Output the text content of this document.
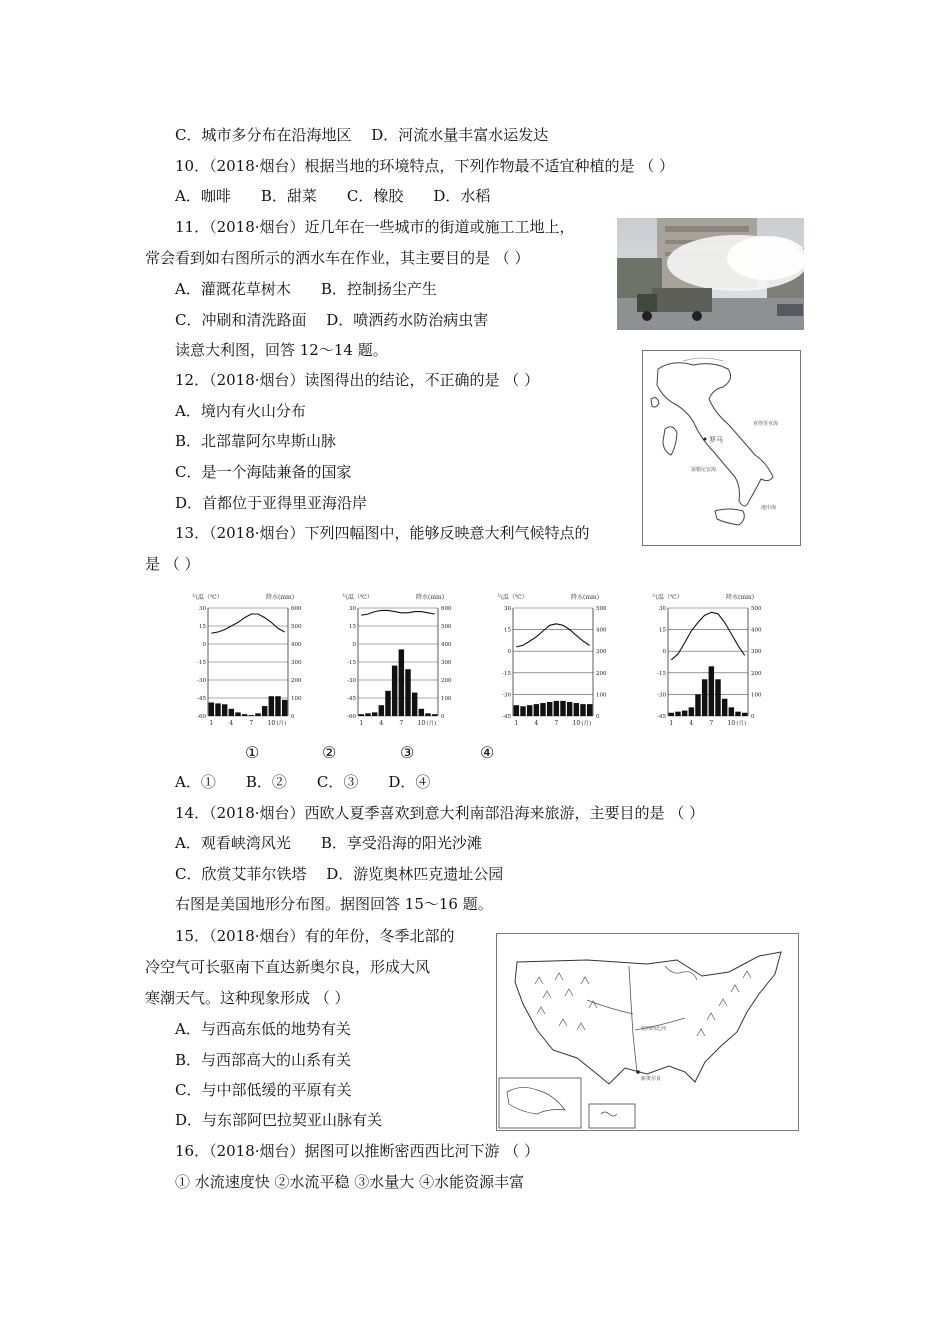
C．城市多分布在沿海地区　 D．河流水量丰富水运发达
10．（2018·烟台）根据当地的环境特点，下列作物最不适宜种植的是 （ ）
A．咖啡　　B．甜菜　　C．橡胶　　D．水稻
11．（2018·烟台）近几年在一些城市的街道或施工工地上，
常会看到如右图所示的洒水车在作业，其主要目的是 （ ）
A．灌溉花草树木　　B．控制扬尘产生
C．冲刷和清洗路面　 D．喷洒药水防治病虫害
读意大利图，回答 12～14 题。
12．（2018·烟台）读图得出的结论，不正确的是 （ ）
A．境内有火山分布
B．北部靠阿尔卑斯山脉
C．是一个海陆兼备的国家
D．首都位于亚得里亚海沿岸
13．（2018·烟台）下列四幅图中，能够反映意大利气候特点的
是 （ ）
A．①　　B．②　　C．③　　D．④
14．（2018·烟台）西欧人夏季喜欢到意大利南部沿海来旅游，主要目的是 （ ）
A．观看峡湾风光　　B．享受沿海的阳光沙滩
C．欣赏艾菲尔铁塔　 D．游览奥林匹克遗址公园
右图是美国地形分布图。据图回答 15～16 题。
15．（2018·烟台）有的年份，冬季北部的
冷空气可长驱南下直达新奥尔良，形成大风
寒潮天气。这种现象形成 （ ）
A．与西高东低的地势有关
B．与西部高大的山系有关
C．与中部低缓的平原有关
D．与东部阿巴拉契亚山脉有关
16．（2018·烟台）据图可以推断密西西比河下游 （ ）
① 水流速度快 ②水流平稳 ③水量大 ④水能资源丰富
罗马
第勒尼安海
亚得里亚海
地中海
气温（℃）	降水(mm)
30
15
0
-15
-30
-45
-60
600
500
400
300
200
100
0
1	4	7 10 (月)
气温（℃）	降水(mm)
30
15
0
-15
-30
-45
-60
600
500
400
300
200
100
0
1	4	7 10 (月)
气温（℃）	降水(mm)
30
15
0
-15
-30
-45
500
400
300
200
100
0
1	4	7 10 (月)
气温（℃）	降水(mm)
30
15
0
-15
-30
-45
500
400
300
200
100
0
1	4	7 10 (月)
①	②	③	④
密西西比河
新奥尔良
